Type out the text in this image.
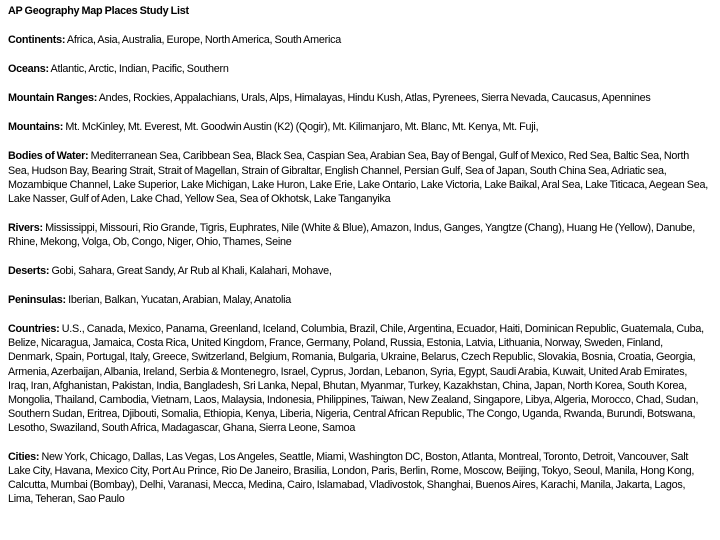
AP Geography Map Places Study List
Continents: Africa, Asia, Australia, Europe, North America, South America
Oceans: Atlantic, Arctic, Indian, Pacific, Southern
Mountain Ranges: Andes, Rockies, Appalachians, Urals, Alps, Himalayas, Hindu Kush, Atlas, Pyrenees, Sierra Nevada, Caucasus, Apennines
Mountains: Mt. McKinley, Mt. Everest, Mt. Goodwin Austin (K2) (Qogir), Mt. Kilimanjaro, Mt. Blanc, Mt. Kenya, Mt. Fuji,
Bodies of Water: Mediterranean Sea, Caribbean Sea, Black Sea, Caspian Sea, Arabian Sea, Bay of Bengal, Gulf of Mexico, Red Sea, Baltic Sea, North Sea, Hudson Bay, Bearing Strait, Strait of Magellan, Strain of Gibraltar, English Channel, Persian Gulf, Sea of Japan, South China Sea, Adriatic sea, Mozambique Channel, Lake Superior, Lake Michigan, Lake Huron, Lake Erie, Lake Ontario, Lake Victoria, Lake Baikal, Aral Sea, Lake Titicaca, Aegean Sea, Lake Nasser, Gulf of Aden, Lake Chad, Yellow Sea, Sea of Okhotsk, Lake Tanganyika
Rivers: Mississippi, Missouri, Rio Grande, Tigris, Euphrates, Nile (White & Blue), Amazon, Indus, Ganges, Yangtze (Chang), Huang He (Yellow), Danube, Rhine, Mekong, Volga, Ob, Congo, Niger, Ohio, Thames, Seine
Deserts: Gobi, Sahara, Great Sandy, Ar Rub al Khali, Kalahari, Mohave,
Peninsulas: Iberian, Balkan, Yucatan, Arabian, Malay, Anatolia
Countries: U.S., Canada, Mexico, Panama, Greenland, Iceland, Columbia, Brazil, Chile, Argentina, Ecuador, Haiti, Dominican Republic, Guatemala, Cuba, Belize, Nicaragua, Jamaica, Costa Rica, United Kingdom, France, Germany, Poland, Russia, Estonia, Latvia, Lithuania, Norway, Sweden, Finland, Denmark, Spain, Portugal, Italy, Greece, Switzerland, Belgium, Romania, Bulgaria, Ukraine, Belarus, Czech Republic, Slovakia, Bosnia, Croatia, Georgia, Armenia, Azerbaijan, Albania, Ireland, Serbia & Montenegro, Israel, Cyprus, Jordan, Lebanon, Syria, Egypt, Saudi Arabia, Kuwait, United Arab Emirates, Iraq, Iran, Afghanistan, Pakistan, India, Bangladesh, Sri Lanka, Nepal, Bhutan, Myanmar, Turkey, Kazakhstan, China, Japan, North Korea, South Korea, Mongolia, Thailand, Cambodia, Vietnam, Laos, Malaysia, Indonesia, Philippines, Taiwan, New Zealand, Singapore, Libya, Algeria, Morocco, Chad, Sudan, Southern Sudan, Eritrea, Djibouti, Somalia, Ethiopia, Kenya, Liberia, Nigeria, Central African Republic, The Congo, Uganda, Rwanda, Burundi, Botswana, Lesotho, Swaziland, South Africa, Madagascar, Ghana, Sierra Leone, Samoa
Cities: New York, Chicago, Dallas, Las Vegas, Los Angeles, Seattle, Miami, Washington DC, Boston, Atlanta, Montreal, Toronto, Detroit, Vancouver, Salt Lake City, Havana, Mexico City, Port Au Prince, Rio De Janeiro, Brasilia, London, Paris, Berlin, Rome, Moscow, Beijing, Tokyo, Seoul, Manila, Hong Kong, Calcutta, Mumbai (Bombay), Delhi, Varanasi, Mecca, Medina, Cairo, Islamabad, Vladivostok, Shanghai, Buenos Aires, Karachi, Manila, Jakarta, Lagos, Lima, Teheran, Sao Paulo
